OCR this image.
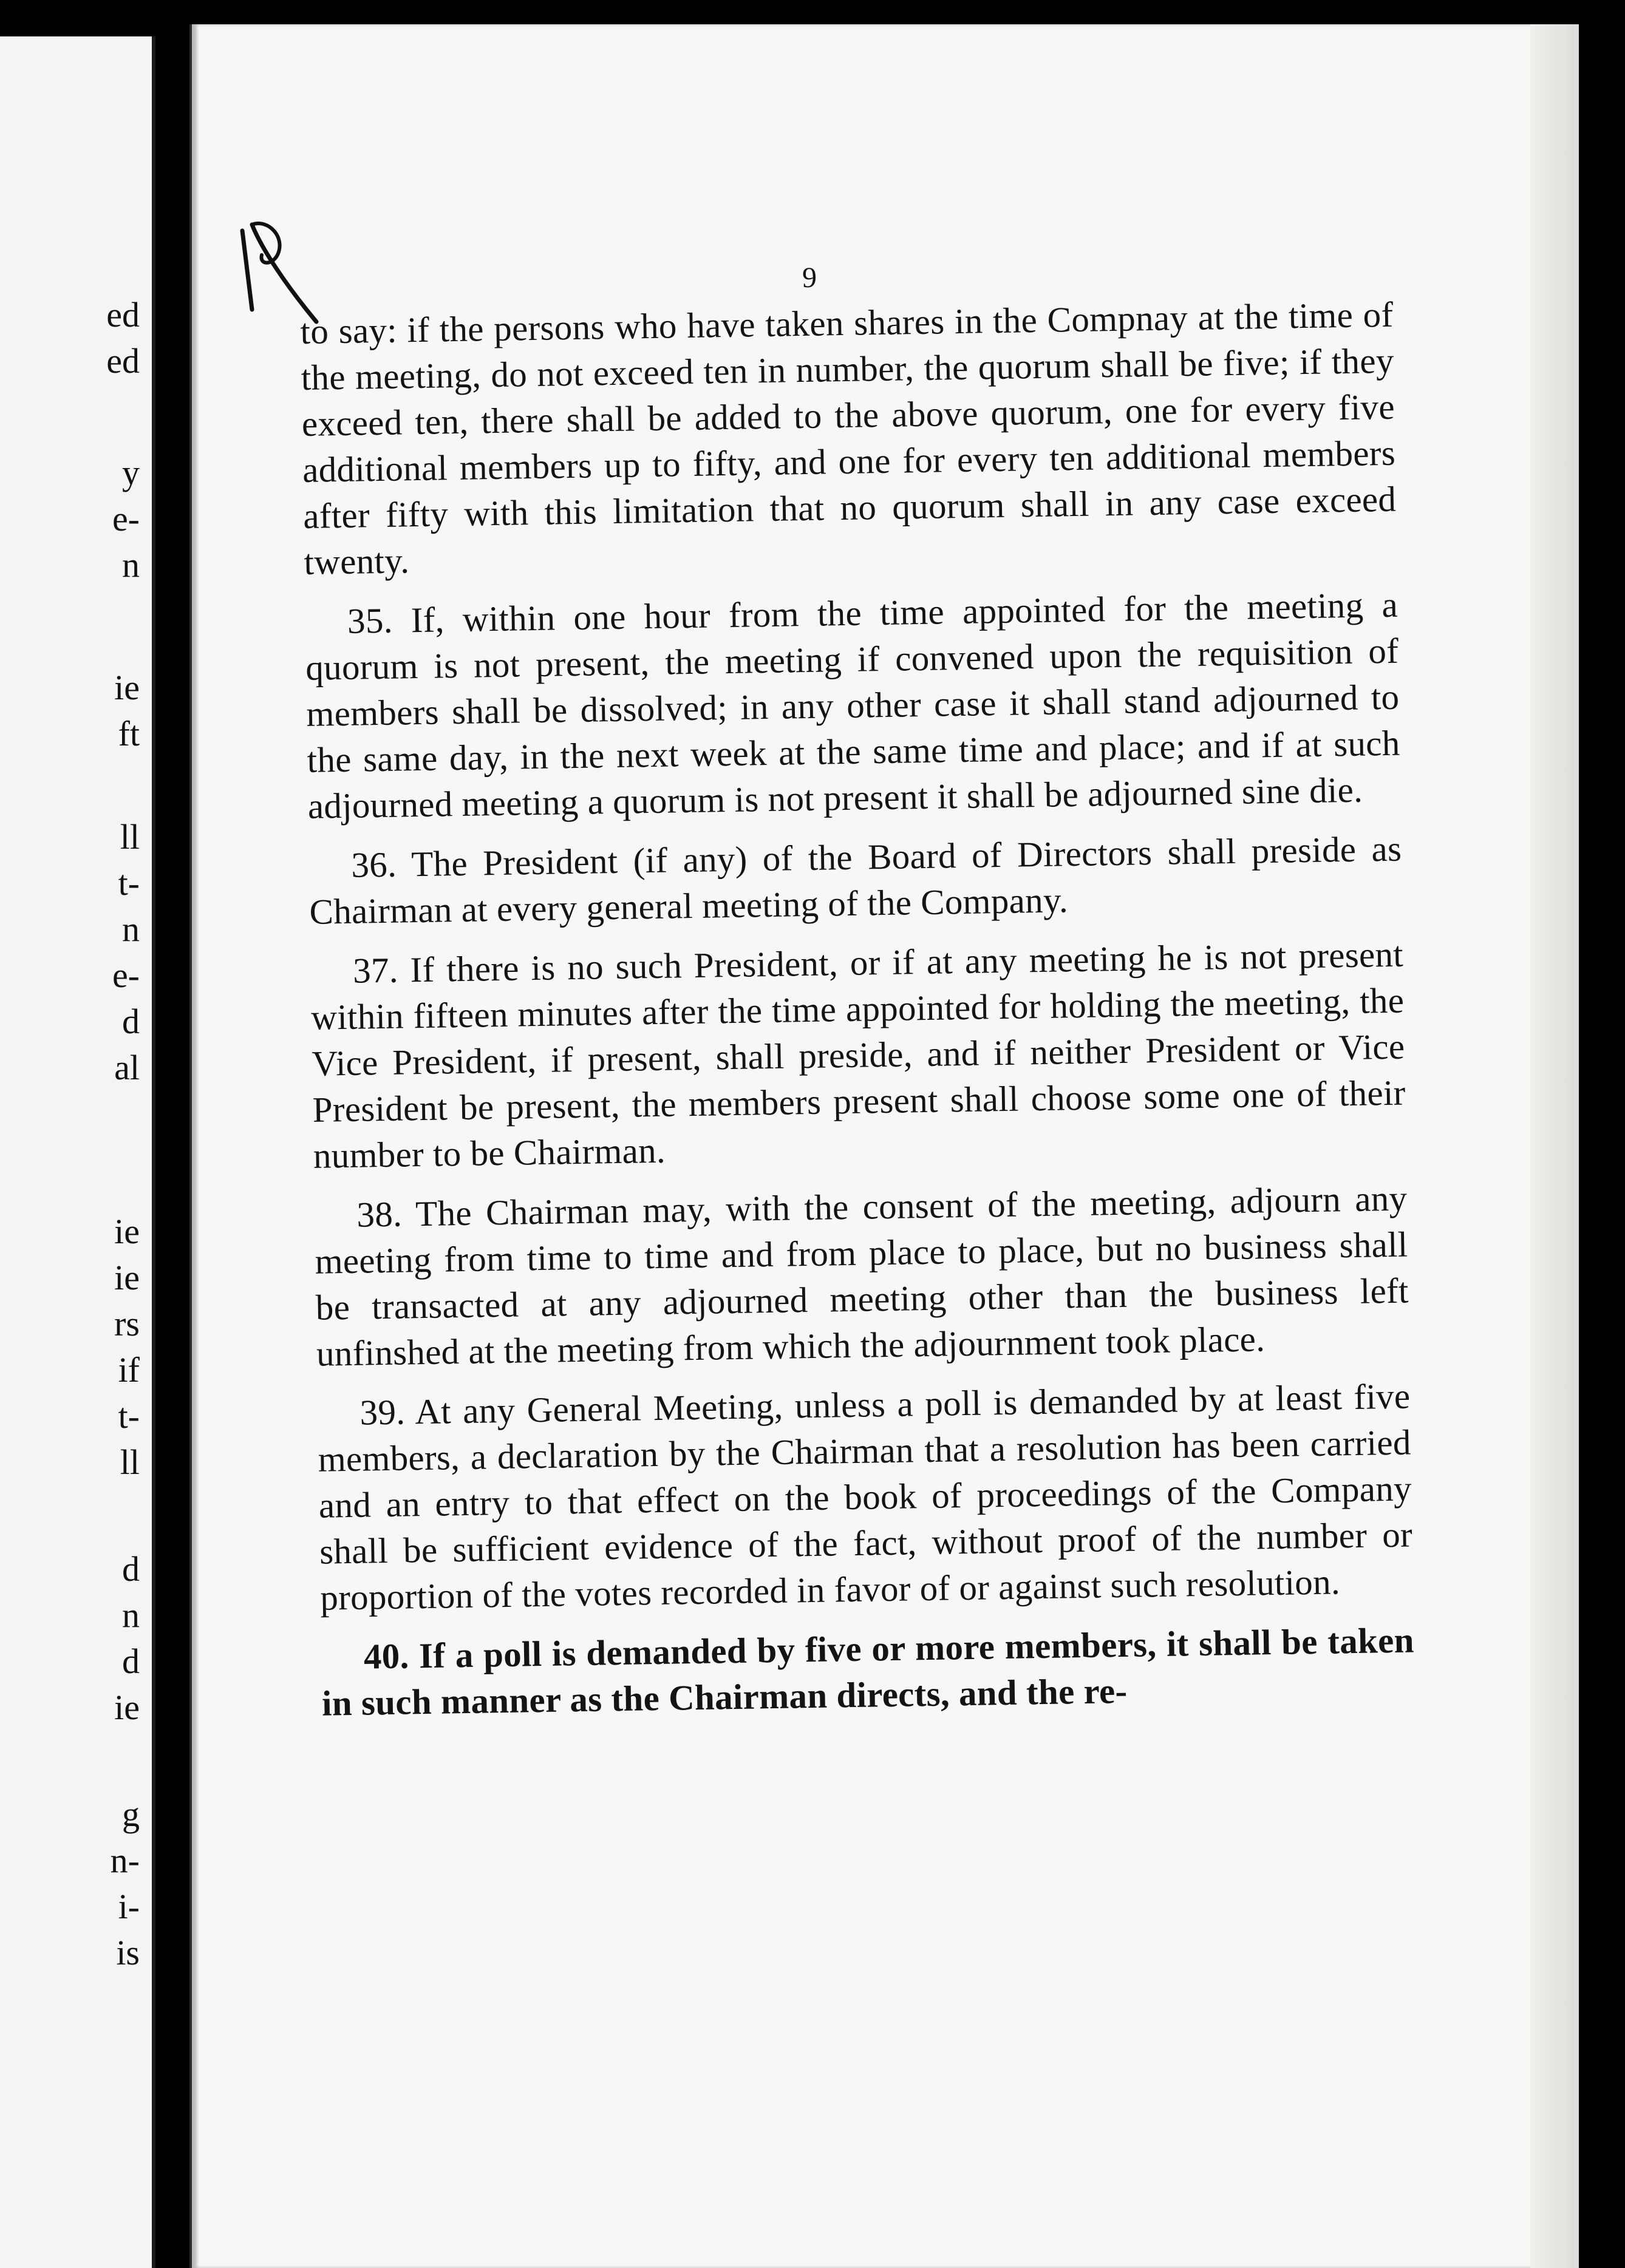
ed
ed
y
e-
n
ie
ft
ll
t-
n
e-
d
al
ie
ie
rs
if
t-
ll
d
n
d
ie
g
n-
i-
is
9

to say: if the persons who have taken shares in the Compnay at the time of the meeting, do not exceed ten in number, the quorum shall be five; if they exceed ten, there shall be added to the above quorum, one for every five additional members up to fifty, and one for every ten additional members after fifty with this limitation that no quorum shall in any case exceed twenty.

35. If, within one hour from the time appointed for the meeting a quorum is not present, the meeting if convened upon the requisition of members shall be dissolved; in any other case it shall stand adjourned to the same day, in the next week at the same time and place; and if at such adjourned meeting a quorum is not present it shall be adjourned sine die.

36. The President (if any) of the Board of Directors shall preside as Chairman at every general meeting of the Company.

37. If there is no such President, or if at any meeting he is not present within fifteen minutes after the time appointed for holding the meeting, the Vice President, if present, shall preside, and if neither President or Vice President be present, the members present shall choose some one of their number to be Chairman.

38. The Chairman may, with the consent of the meeting, adjourn any meeting from time to time and from place to place, but no business shall be transacted at any adjourned meeting other than the business left unfinshed at the meeting from which the adjournment took place.

39. At any General Meeting, unless a poll is demanded by at least five members, a declaration by the Chairman that a resolution has been carried and an entry to that effect on the book of proceedings of the Company shall be sufficient evidence of the fact, without proof of the number or proportion of the votes recorded in favor of or against such resolution.

40. If a poll is demanded by five or more members, it shall be taken in such manner as the Chairman directs, and the re-
